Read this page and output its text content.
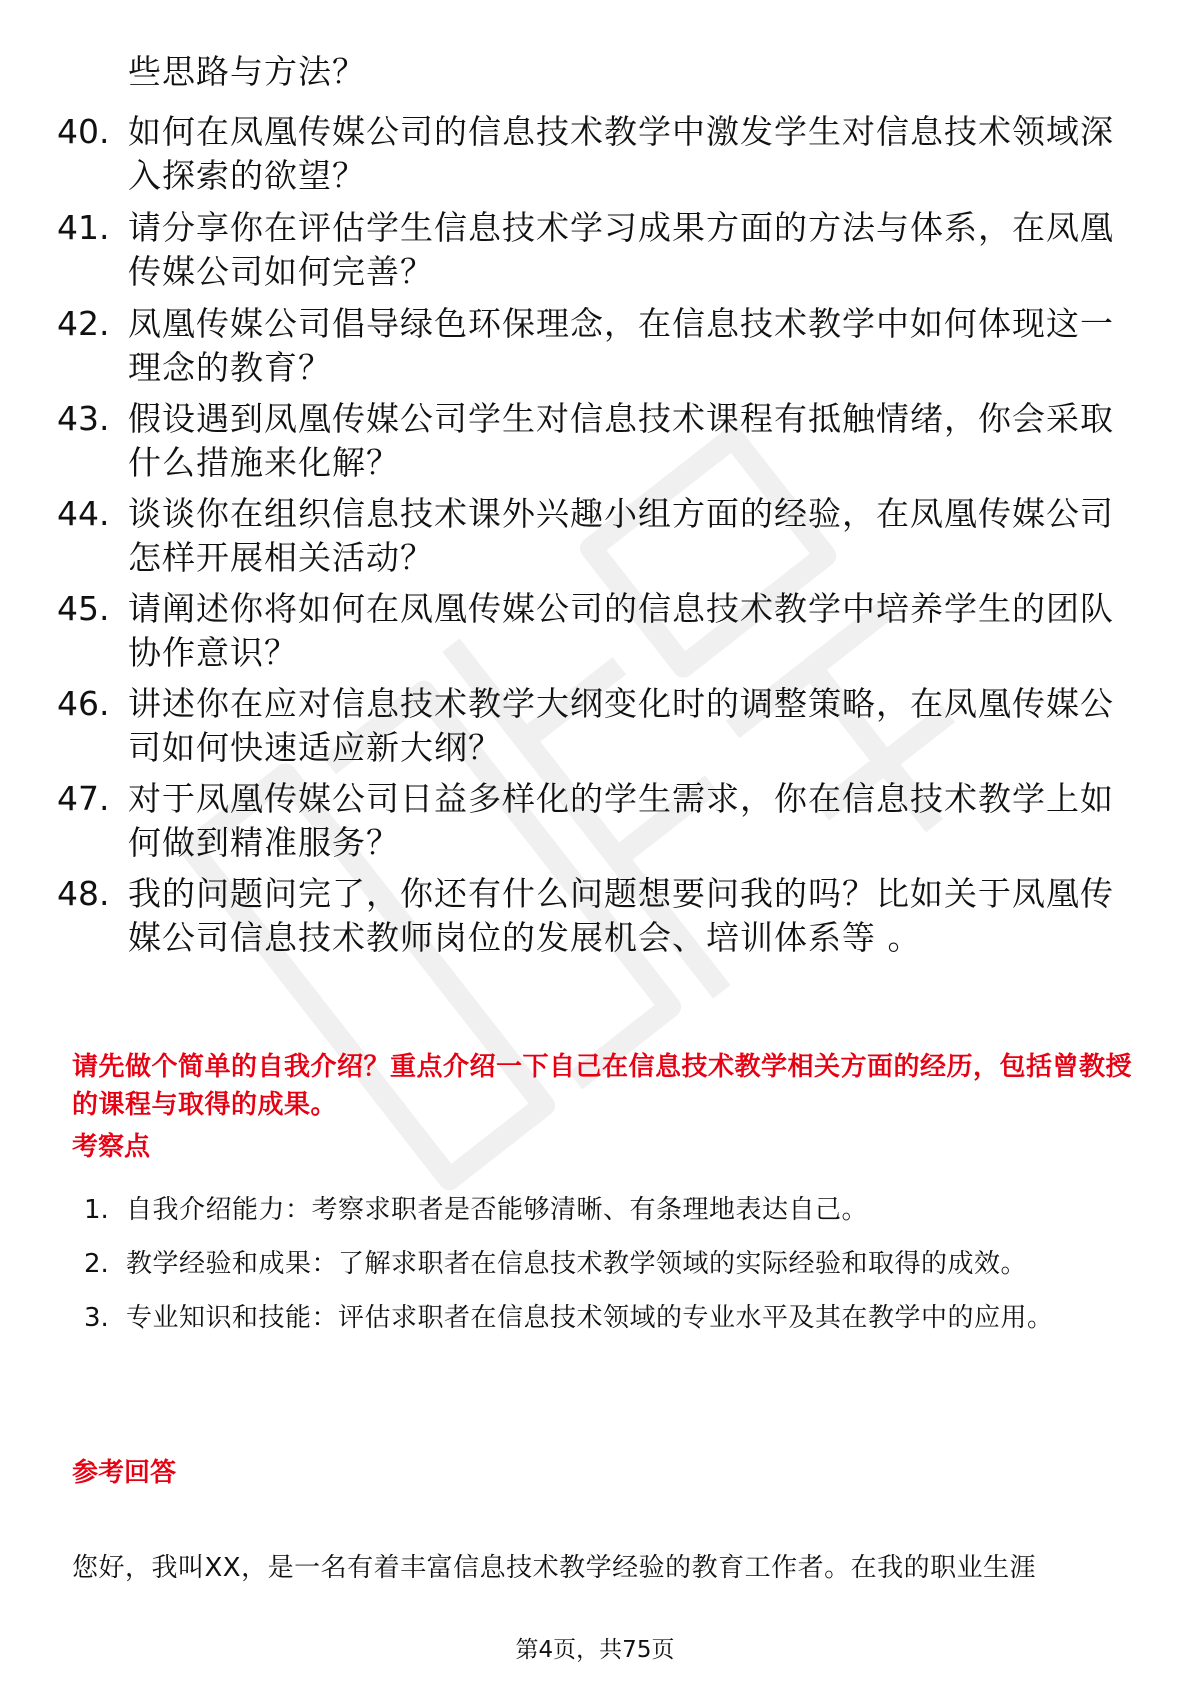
些思路与方法？
40. 如何在凤凰传媒公司的信息技术教学中激发学生对信息技术领域深入探索的欲望？
41. 请分享你在评估学生信息技术学习成果方面的方法与体系，在凤凰传媒公司如何完善？
42. 凤凰传媒公司倡导绿色环保理念，在信息技术教学中如何体现这一理念的教育？
43. 假设遇到凤凰传媒公司学生对信息技术课程有抵触情绪，你会采取什么措施来化解？
44. 谈谈你在组织信息技术课外兴趣小组方面的经验，在凤凰传媒公司怎样开展相关活动？
45. 请阐述你将如何在凤凰传媒公司的信息技术教学中培养学生的团队协作意识？
46. 讲述你在应对信息技术教学大纲变化时的调整策略，在凤凰传媒公司如何快速适应新大纲？
47. 对于凤凰传媒公司日益多样化的学生需求，你在信息技术教学上如何做到精准服务？
48. 我的问题问完了，你还有什么问题想要问我的吗？比如关于凤凰传媒公司信息技术教师岗位的发展机会、培训体系等 。
请先做个简单的自我介绍？重点介绍一下自己在信息技术教学相关方面的经历，包括曾教授的课程与取得的成果。
考察点
1. 自我介绍能力：考察求职者是否能够清晰、有条理地表达自己。
2. 教学经验和成果：了解求职者在信息技术教学领域的实际经验和取得的成效。
3. 专业知识和技能：评估求职者在信息技术领域的专业水平及其在教学中的应用。
参考回答
您好，我叫XX，是一名有着丰富信息技术教学经验的教育工作者。在我的职业生涯
第4页，共75页
